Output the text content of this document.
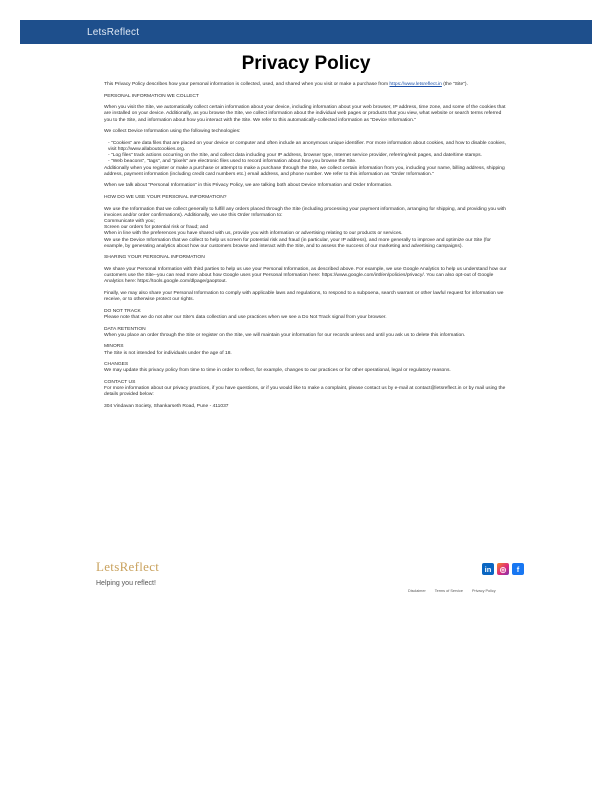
LetsReflect
Privacy Policy
This Privacy Policy describes how your personal information is collected, used, and shared when you visit or make a purchase from https://www.letsreflect.in (the "Site").
PERSONAL INFORMATION WE COLLECT
When you visit the Site, we automatically collect certain information about your device, including information about your web browser, IP address, time zone, and some of the cookies that are installed on your device. Additionally, as you browse the Site, we collect information about the individual web pages or products that you view, what website or search terms referred you to the Site, and information about how you interact with the Site. We refer to this automatically-collected information as "Device Information."
We collect Device Information using the following technologies:
- "Cookies" are data files that are placed on your device or computer and often include an anonymous unique identifier. For more information about cookies, and how to disable cookies, visit http://www.allaboutcookies.org.
- "Log files" track actions occurring on the Site, and collect data including your IP address, browser type, Internet service provider, referring/exit pages, and date/time stamps.
- "Web beacons", "tags", and "pixels" are electronic files used to record information about how you browse the Site.
Additionally when you register or make a purchase or attempt to make a purchase through the Site, we collect certain information from you, including your name, billing address, shipping address, payment information (including credit card numbers etc.) email address, and phone number. We refer to this information as "Order Information."
When we talk about "Personal Information" in this Privacy Policy, we are talking both about Device Information and Order Information.
HOW DO WE USE YOUR PERSONAL INFORMATION?
We use the Information that we collect generally to fulfill any orders placed through the Site (including processing your payment information, arranging for shipping, and providing you with invoices and/or order confirmations). Additionally, we use this Order Information to:
Communicate with you;
Screen our orders for potential risk or fraud; and
When in line with the preferences you have shared with us, provide you with information or advertising relating to our products or services.
We use the Device Information that we collect to help us screen for potential risk and fraud (in particular, your IP address), and more generally to improve and optimize our Site (for example, by generating analytics about how our customers browse and interact with the Site, and to assess the success of our marketing and advertising campaigns).
SHARING YOUR PERSONAL INFORMATION
We share your Personal Information with third parties to help us use your Personal Information, as described above. For example, we use Google Analytics to help us understand how our customers use the Site--you can read more about how Google uses your Personal Information here: https://www.google.com/intl/en/policies/privacy/. You can also opt-out of Google Analytics here: https://tools.google.com/dlpage/gaoptout.
Finally, we may also share your Personal Information to comply with applicable laws and regulations, to respond to a subpoena, search warrant or other lawful request for information we receive, or to otherwise protect our rights.
DO NOT TRACK
Please note that we do not alter our Site's data collection and use practices when we see a Do Not Track signal from your browser.
DATA RETENTION
When you place an order through the Site or register on the Site, we will maintain your information for our records unless and until you ask us to delete this information.
MINORS
The Site is not intended for individuals under the age of 18.
CHANGES
We may update this privacy policy from time to time in order to reflect, for example, changes to our practices or for other operational, legal or regulatory reasons.
CONTACT US
For more information about our privacy practices, if you have questions, or if you would like to make a complaint, please contact us by e-mail at contact@letsreflect.in or by mail using the details provided below:
304 Vindavan Society, Shankarseth Road, Pune - 411037
LetsReflect
Helping you reflect!
in	◎	f
Disclaimer Terms of Service Privacy Policy
